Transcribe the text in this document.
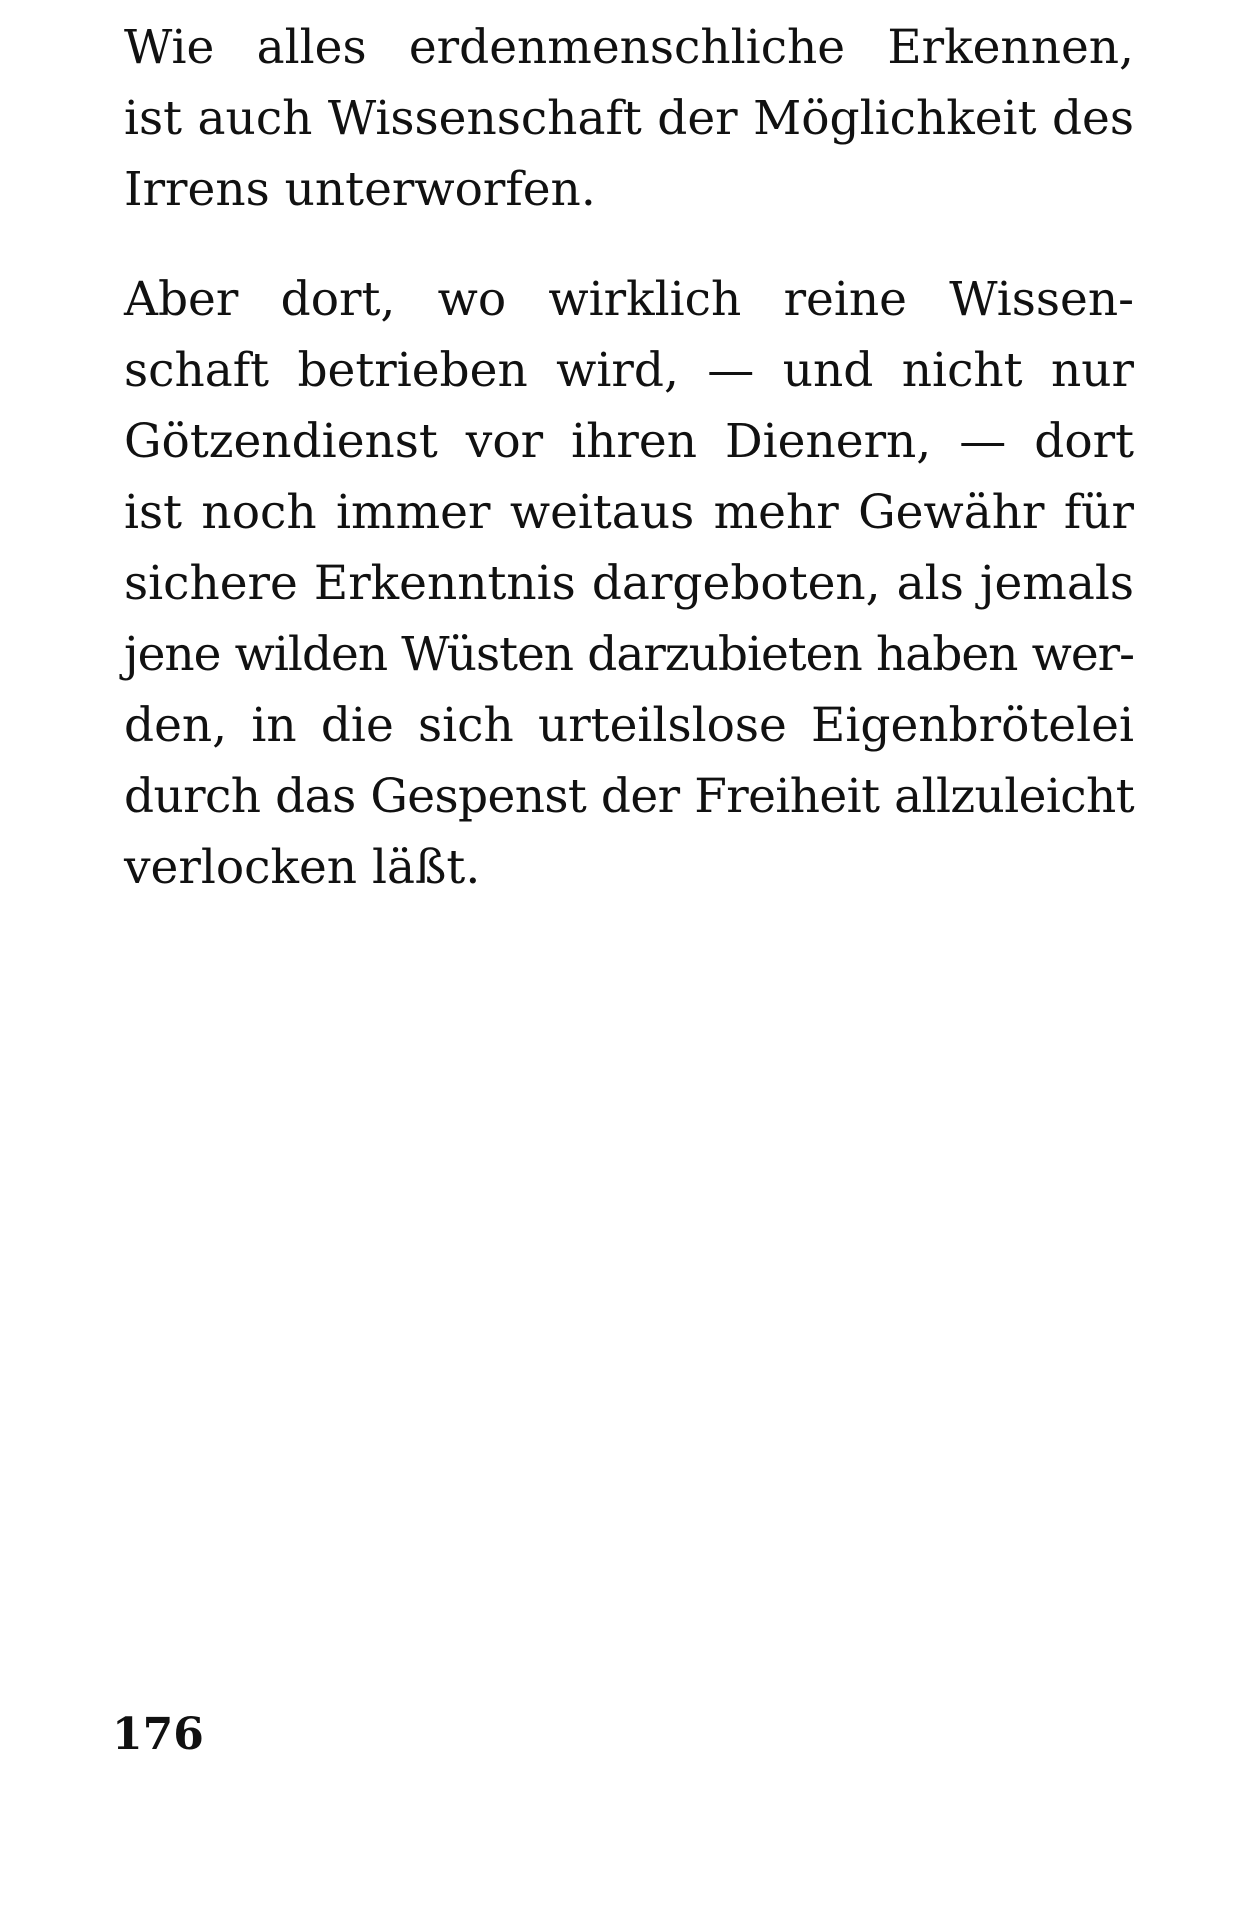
Wie alles erdenmenschliche Erkennen,
ist auch Wissenschaft der Möglichkeit des
Irrens unterworfen.

Aber dort, wo wirklich reine Wissen-
schaft betrieben wird, — und nicht nur
Götzendienst vor ihren Dienern, — dort
ist noch immer weitaus mehr Gewähr für
sichere Erkenntnis dargeboten, als jemals
jene wilden Wüsten darzubieten haben wer-
den, in die sich urteilslose Eigenbrötelei
durch das Gespenst der Freiheit allzuleicht
verlocken läßt.

176
